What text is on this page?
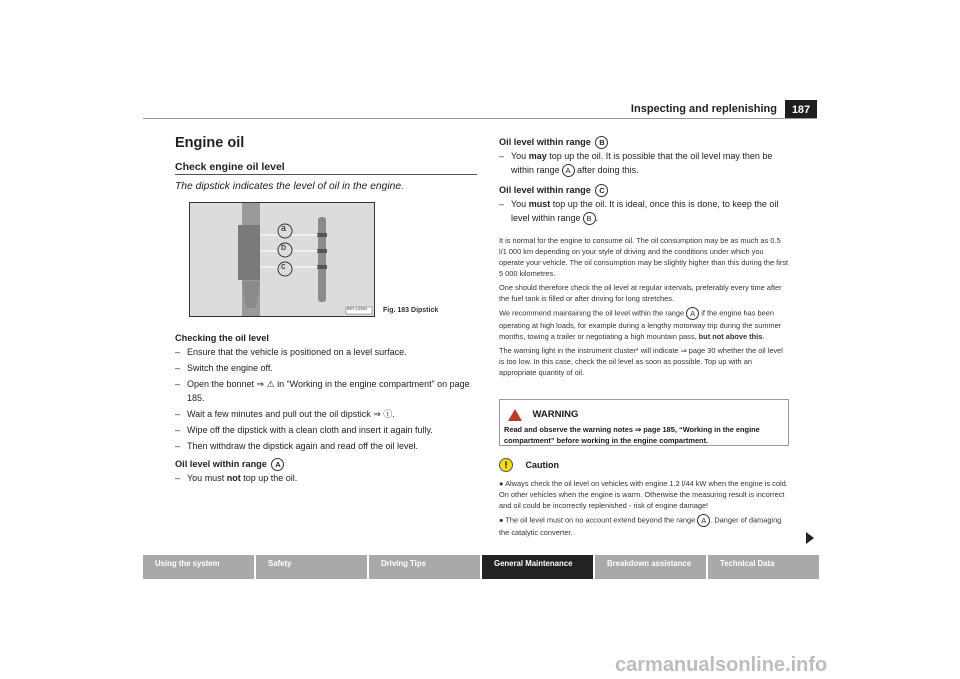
Inspecting and replenishing	187
Engine oil
Check engine oil level
The dipstick indicates the level of oil in the engine.
a
b
c
B6Y-1325H Fig. 183 Dipstick
Checking the oil level
– Ensure that the vehicle is positioned on a level surface.
– Switch the engine off.
– Open the bonnet ⇒ ⚠ in “Working in the engine compartment” on page 185.
– Wait a few minutes and pull out the oil dipstick ⇒ ⓘ.
– Wipe off the dipstick with a clean cloth and insert it again fully.
– Then withdraw the dipstick again and read off the oil level.
Oil level within range A
– You must not top up the oil.
Oil level within range B
– You may top up the oil. It is possible that the oil level may then be within range A after doing this.
Oil level within range C
– You must top up the oil. It is ideal, once this is done, to keep the oil level within range B .
It is normal for the engine to consume oil. The oil consumption may be as much as 0.5 l/1 000 km depending on your style of driving and the conditions under which you operate your vehicle. The oil consumption may be slightly higher than this during the first 5 000 kilometres.
One should therefore check the oil level at regular intervals, preferably every time after the fuel tank is filled or after driving for long stretches.
We recommend maintaining the oil level within the range A if the engine has been operating at high loads, for example during a lengthy motorway trip during the summer months, towing a trailer or negotiating a high mountain pass, but not above this.
The warning light in the instrument cluster* will indicate ⇒ page 30 whether the oil level is too low. In this case, check the oil level as soon as possible. Top up with an appropriate quantity of oil.
WARNING
Read and observe the warning notes ⇒ page 185, “Working in the engine compartment” before working in the engine compartment.
! Caution
● Always check the oil level on vehicles with engine 1.2 l/44 kW when the engine is cold. On other vehicles when the engine is warm. Otherwise the measuring result is incorrect and oil could be incorrectly replenished - risk of engine damage!
● The oil level must on no account extend beyond the range A . Danger of damaging the catalytic converter.
Using the system	Safety	Driving Tips	General Maintenance	Breakdown assistance	Technical Data
carmanualsonline.info
